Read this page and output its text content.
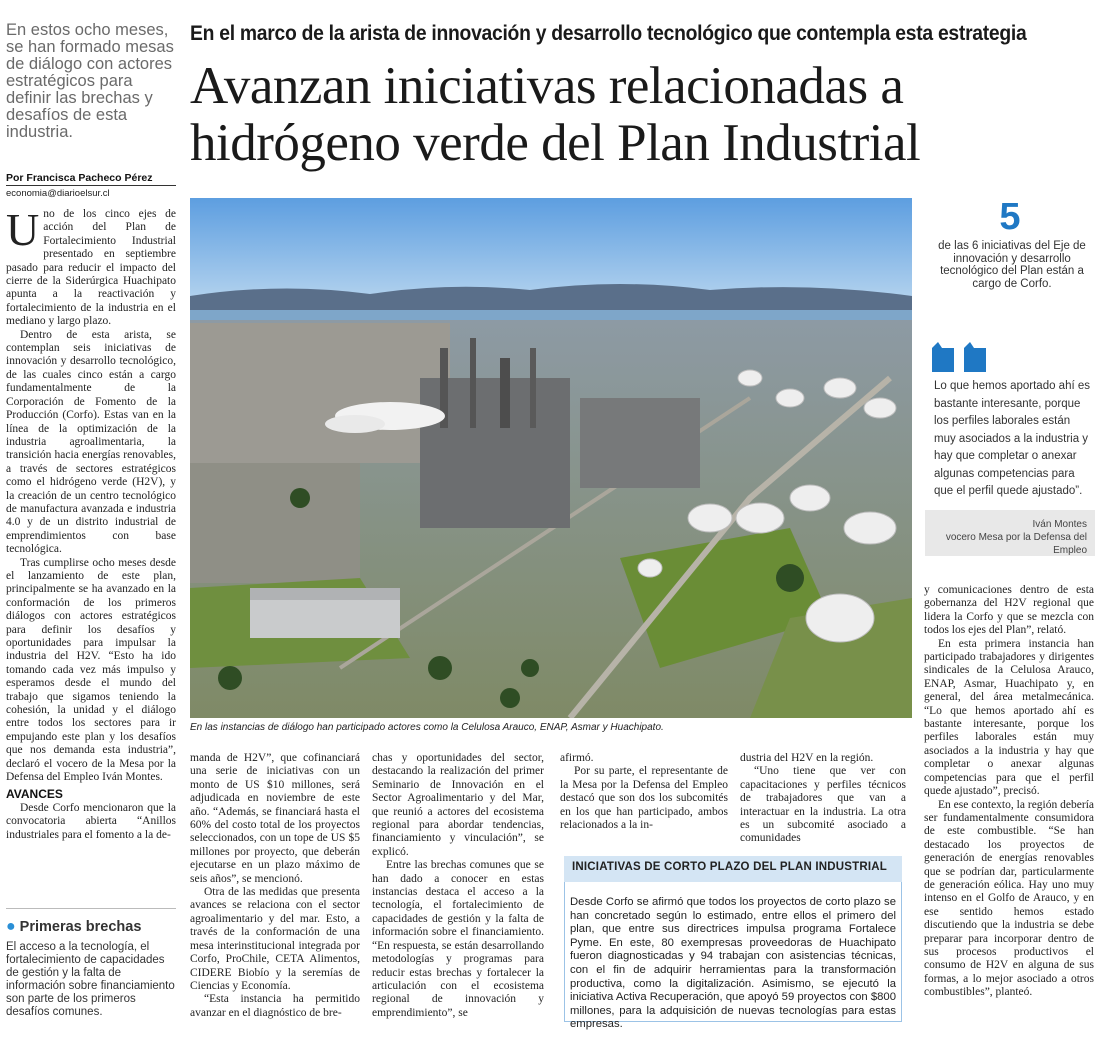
En estos ocho meses, se han formado mesas de diálogo con actores estratégicos para definir las brechas y desafíos de esta industria.
Por Francisca Pacheco Pérez
economia@diarioelsur.cl
En el marco de la arista de innovación y desarrollo tecnológico que contempla esta estrategia
Avanzan iniciativas relacionadas a hidrógeno verde del Plan Industrial

Uno de los cinco ejes de acción del Plan de Fortalecimiento Industrial presentado en septiembre pasado para reducir el impacto del cierre de la Siderúrgica Huachipato apunta a la reactivación y fortalecimiento de la industria en el mediano y largo plazo.

Dentro de esta arista, se contemplan seis iniciativas de innovación y desarrollo tecnológico, de las cuales cinco están a cargo fundamentalmente de la Corporación de Fomento de la Producción (Corfo). Estas van en la línea de la optimización de la industria agroalimentaria, la transición hacia energías renovables, a través de sectores estratégicos como el hidrógeno verde (H2V), y la creación de un centro tecnológico de manufactura avanzada e industria 4.0 y de un distrito industrial de emprendimientos con base tecnológica.

Tras cumplirse ocho meses desde el lanzamiento de este plan, principalmente se ha avanzado en la conformación de los primeros diálogos con actores estratégicos para definir los desafíos y oportunidades para impulsar la industria del H2V. “Esto ha ido tomando cada vez más impulso y esperamos desde el mundo del trabajo que sigamos teniendo la cohesión, la unidad y el diálogo entre todos los sectores para ir empujando este plan y los desafíos que nos demanda esta industria”, declaró el vocero de la Mesa por la Defensa del Empleo Iván Montes.

AVANCES

Desde Corfo mencionaron que la convocatoria abierta “Anillos industriales para el fomento a la de-

● Primeras brechas
El acceso a la tecnología, el fortalecimiento de capacidades de gestión y la falta de información sobre financiamiento son parte de los primeros desafíos comunes.
En las instancias de diálogo han participado actores como la Celulosa Arauco, ENAP, Asmar y Huachipato.
5
de las 6 iniciativas del Eje de innovación y desarrollo tecnológico del Plan están a cargo de Corfo.
Lo que hemos aportado ahí es bastante interesante, porque los perfiles laborales están muy asociados a la industria y hay que completar o anexar algunas competencias para que el perfil quede ajustado”.
Iván Montes
vocero Mesa por la Defensa del Empleo

manda de H2V”, que cofinanciará una serie de iniciativas con un monto de US $10 millones, será adjudicada en noviembre de este año. “Además, se financiará hasta el 60% del costo total de los proyectos seleccionados, con un tope de US $5 millones por proyecto, que deberán ejecutarse en un plazo máximo de seis años”, se mencionó.

Otra de las medidas que presenta avances se relaciona con el sector agroalimentario y del mar. Esto, a través de la conformación de una mesa interinstitucional integrada por Corfo, ProChile, CETA Alimentos, CIDERE Biobío y la seremías de Ciencias y Economía.

“Esta instancia ha permitido avanzar en el diagnóstico de bre-

chas y oportunidades del sector, destacando la realización del primer Seminario de Innovación en el Sector Agroalimentario y del Mar, que reunió a actores del ecosistema regional para abordar tendencias, financiamiento y vinculación”, se explicó.

Entre las brechas comunes que se han dado a conocer en estas instancias destaca el acceso a la tecnología, el fortalecimiento de capacidades de gestión y la falta de información sobre el financiamiento. “En respuesta, se están desarrollando metodologías y programas para reducir estas brechas y fortalecer la articulación con el ecosistema regional de innovación y emprendimiento”, se

afirmó.

Por su parte, el representante de la Mesa por la Defensa del Empleo destacó que son dos los subcomités en los que han participado, ambos relacionados a la in-

dustria del H2V en la región.

“Uno tiene que ver con capacitaciones y perfiles técnicos de trabajadores que van a interactuar en la industria. La otra es un subcomité asociado a comunidades

y comunicaciones dentro de esta gobernanza del H2V regional que lidera la Corfo y que se mezcla con todos los ejes del Plan”, relató.

En esta primera instancia han participado trabajadores y dirigentes sindicales de la Celulosa Arauco, ENAP, Asmar, Huachipato y, en general, del área metalmecánica. “Lo que hemos aportado ahí es bastante interesante, porque los perfiles laborales están muy asociados a la industria y hay que completar o anexar algunas competencias para que el perfil quede ajustado”, precisó.

En ese contexto, la región debería ser fundamentalmente consumidora de este combustible. “Se han destacado los proyectos de generación de energías renovables que se podrían dar, particularmente de generación eólica. Hay uno muy intenso en el Golfo de Arauco, y en ese sentido hemos estado discutiendo que la industria se debe preparar para incorporar dentro de sus procesos productivos el consumo de H2V en alguna de sus formas, a lo mejor asociado a otros combustibles”, planteó.

INICIATIVAS DE CORTO PLAZO DEL PLAN INDUSTRIAL
Desde Corfo se afirmó que todos los proyectos de corto plazo se han concretado según lo estimado, entre ellos el primero del plan, que entre sus directrices impulsa programa Fortalece Pyme. En este, 80 exempresas proveedoras de Huachipato fueron diagnosticadas y 94 trabajan con asistencias técnicas, con el fin de adquirir herramientas para la transformación productiva, como la digitalización. Asimismo, se ejecutó la iniciativa Activa Recuperación, que apoyó 59 proyectos con $800 millones, para la adquisición de nuevas tecnologías para estas empresas.
